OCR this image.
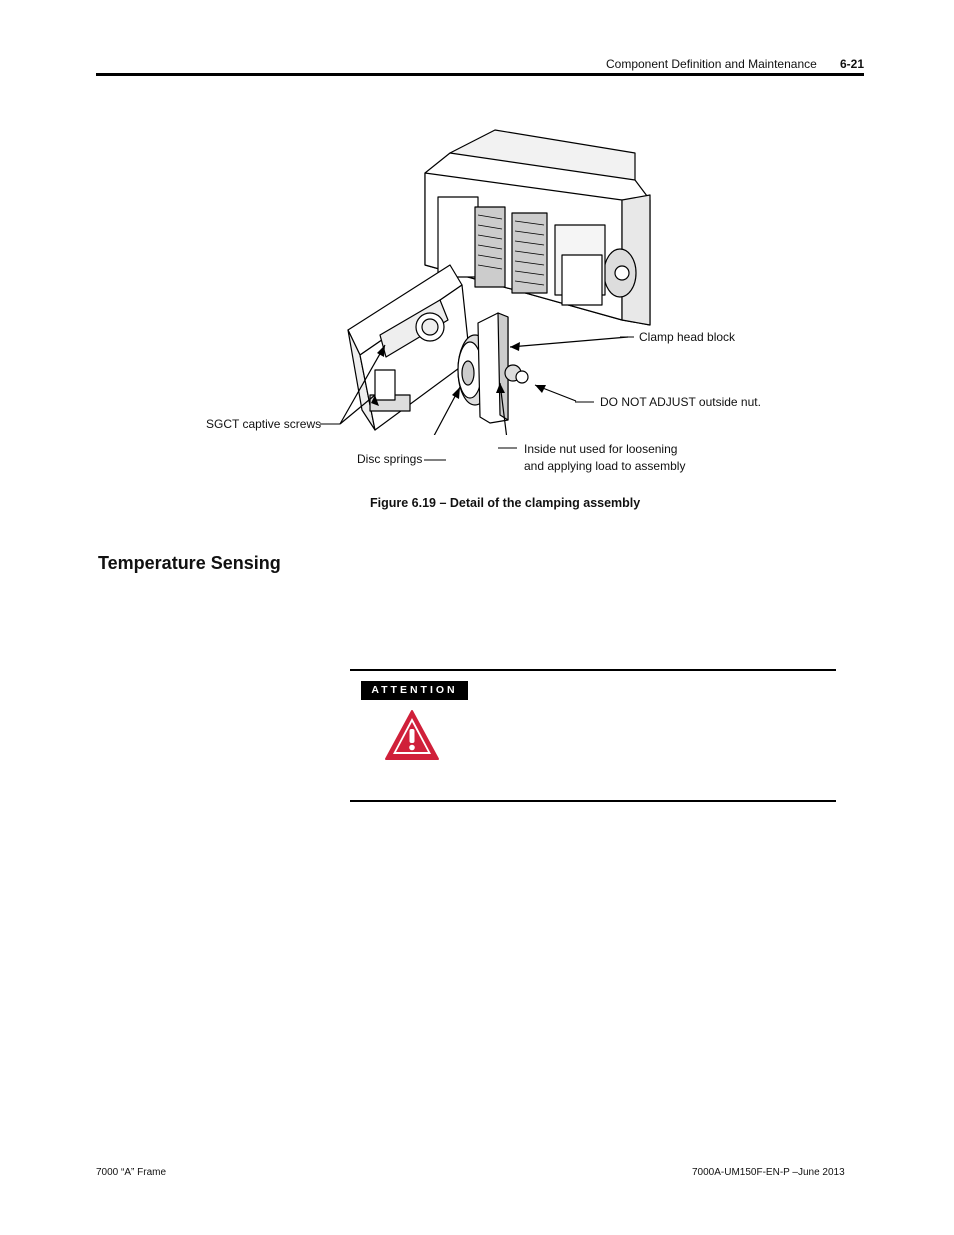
Component Definition and Maintenance 6-21
Clamp head block
DO NOT ADJUST outside nut.
SGCT captive screws
Disc springs
Inside nut used for loosening
and applying load to assembly
Figure 6.19 – Detail of the clamping assembly
Temperature Sensing
ATTENTION
7000 “A” Frame	7000A-UM150F-EN-P –June 2013
